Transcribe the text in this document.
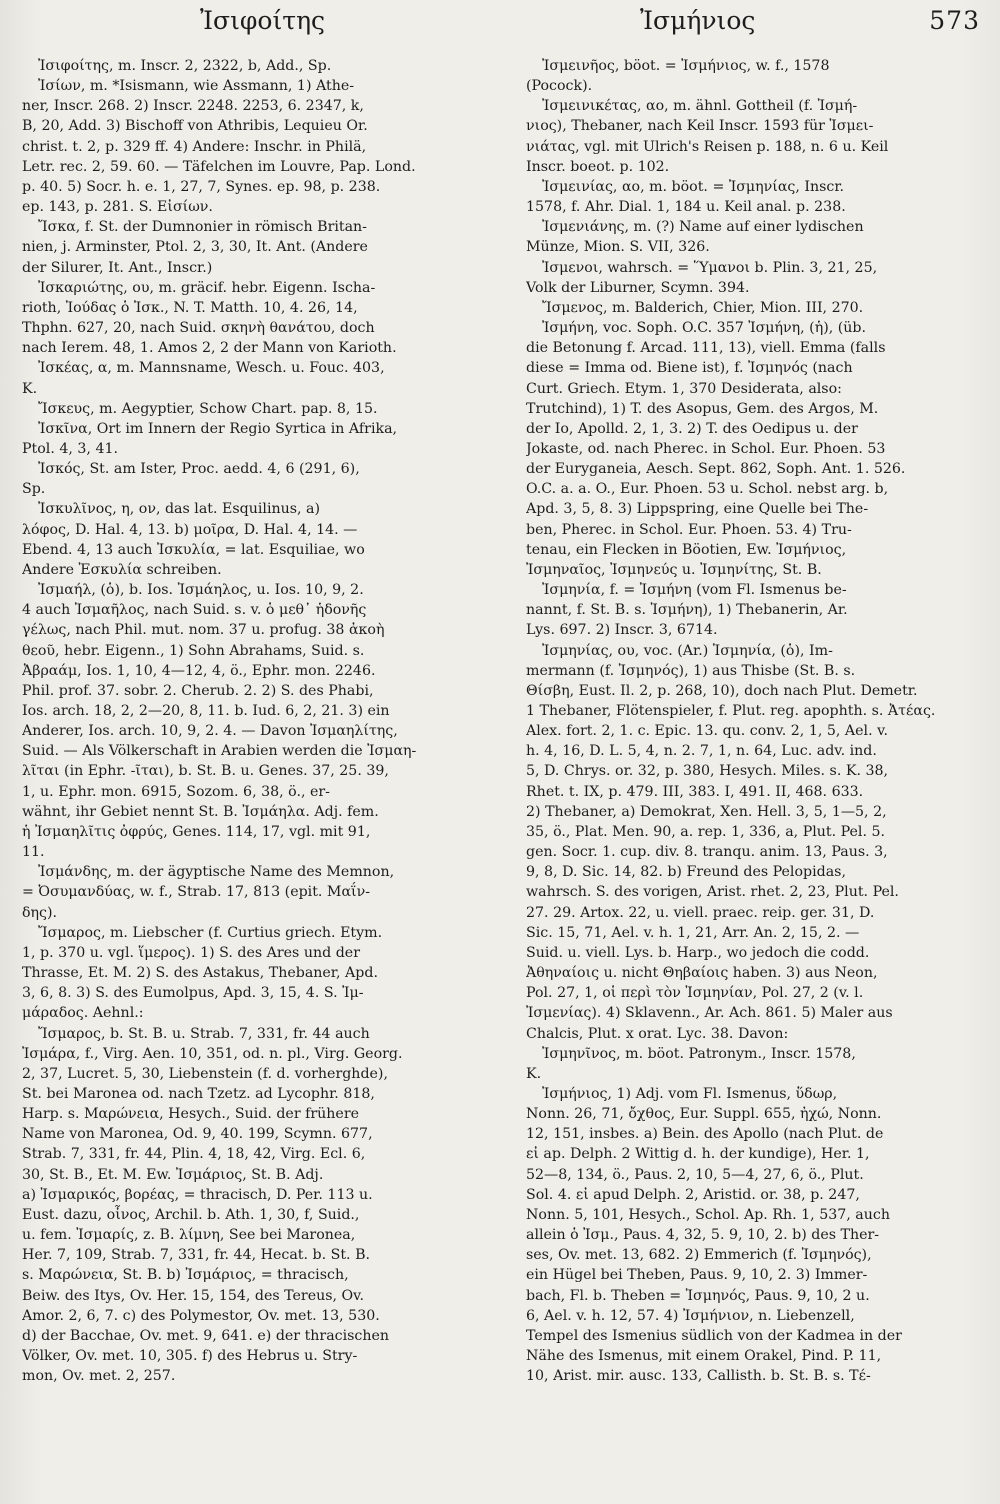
Ἰσιφοίτης	Ἰσμήνιος	573
Ἰσιφοίτης, m. Inscr. 2, 2322, b, Add., Sp.
Ἰσίων, m. *Isismann, wie Assmann, 1) Athe-
ner, Inscr. 268. 2) Inscr. 2248. 2253, 6. 2347, k,
B, 20, Add. 3) Bischoff von Athribis, Lequieu Or.
christ. t. 2, p. 329 ff. 4) Andere: Inschr. in Philä,
Letr. rec. 2, 59. 60. — Täfelchen im Louvre, Pap. Lond.
p. 40. 5) Socr. h. e. 1, 27, 7, Synes. ep. 98, p. 238.
ep. 143, p. 281. S. Εἰσίων.
Ἴσκα, f. St. der Dumnonier in römisch Britan-
nien, j. Arminster, Ptol. 2, 3, 30, It. Ant. (Andere
der Silurer, It. Ant., Inscr.)
Ἰσκαριώτης, ου, m. gräcif. hebr. Eigenn. Ischa-
rioth, Ἰούδας ὁ Ἰσκ., N. T. Matth. 10, 4. 26, 14,
Thphn. 627, 20, nach Suid. σκηνὴ θανάτου, doch
nach Ierem. 48, 1. Amos 2, 2 der Mann von Karioth.
Ἰσκέας, α, m. Mannsname, Wesch. u. Fouc. 403,
K.
Ἴσκευς, m. Aegyptier, Schow Chart. pap. 8, 15.
Ἰσκῖνα, Ort im Innern der Regio Syrtica in Afrika,
Ptol. 4, 3, 41.
Ἰσκός, St. am Ister, Proc. aedd. 4, 6 (291, 6),
Sp.
Ἰσκυλῖνος, η, ον, das lat. Esquilinus, a)
λόφος, D. Hal. 4, 13. b) μοῖρα, D. Hal. 4, 14. —
Ebend. 4, 13 auch Ἰσκυλία, = lat. Esquiliae, wo
Andere Ἐσκυλία schreiben.
Ἰσμαήλ, (ὁ), b. Ios. Ἰσμάηλος, u. Ios. 10, 9, 2.
4 auch Ἰσμαῆλος, nach Suid. s. v. ὁ μεθ᾽ ἡδονῆς
γέλως, nach Phil. mut. nom. 37 u. profug. 38 ἀκοὴ
θεοῦ, hebr. Eigenn., 1) Sohn Abrahams, Suid. s.
Ἀβραάμ, Ios. 1, 10, 4—12, 4, ö., Ephr. mon. 2246.
Phil. prof. 37. sobr. 2. Cherub. 2. 2) S. des Phabi,
Ios. arch. 18, 2, 2—20, 8, 11. b. Iud. 6, 2, 21. 3) ein
Anderer, Ios. arch. 10, 9, 2. 4. — Davon Ἰσμαηλίτης,
Suid. — Als Völkerschaft in Arabien werden die Ἰσμαη-
λῖται (in Ephr. -ῖται), b. St. B. u. Genes. 37, 25. 39,
1, u. Ephr. mon. 6915, Sozom. 6, 38, ö., er-
wähnt, ihr Gebiet nennt St. B. Ἰσμάηλα. Adj. fem.
ἡ Ἰσμαηλῖτις ὀφρύς, Genes. 114, 17, vgl. mit 91,
11.
Ἰσμάνδης, m. der ägyptische Name des Memnon,
= Ὀσυμανδύας, w. f., Strab. 17, 813 (epit. Μαΐν-
δης).
Ἴσμαρος, m. Liebscher (f. Curtius griech. Etym.
1, p. 370 u. vgl. ἵμερος). 1) S. des Ares und der
Thrasse, Et. M. 2) S. des Astakus, Thebaner, Apd.
3, 6, 8. 3) S. des Eumolpus, Apd. 3, 15, 4. S. Ἰμ-
μάραδος. Aehnl.:
Ἴσμαρος, b. St. B. u. Strab. 7, 331, fr. 44 auch
Ἰσμάρα, f., Virg. Aen. 10, 351, od. n. pl., Virg. Georg.
2, 37, Lucret. 5, 30, Liebenstein (f. d. vorherghde),
St. bei Maronea od. nach Tzetz. ad Lycophr. 818,
Harp. s. Μαρώνεια, Hesych., Suid. der frühere
Name von Maronea, Od. 9, 40. 199, Scymn. 677,
Strab. 7, 331, fr. 44, Plin. 4, 18, 42, Virg. Ecl. 6,
30, St. B., Et. M. Ew. Ἰσμάριος, St. B. Adj.
a) Ἰσμαρικός, βορέας, = thracisch, D. Per. 113 u.
Eust. dazu, οἶνος, Archil. b. Ath. 1, 30, f, Suid.,
u. fem. Ἰσμαρίς, z. B. λίμνη, See bei Maronea,
Her. 7, 109, Strab. 7, 331, fr. 44, Hecat. b. St. B.
s. Μαρώνεια, St. B. b) Ἰσμάριος, = thracisch,
Beiw. des Itys, Ov. Her. 15, 154, des Tereus, Ov.
Amor. 2, 6, 7. c) des Polymestor, Ov. met. 13, 530.
d) der Bacchae, Ov. met. 9, 641. e) der thracischen
Völker, Ov. met. 10, 305. f) des Hebrus u. Stry-
mon, Ov. met. 2, 257.
Ἰσμεινῆος, böot. = Ἰσμήνιος, w. f., 1578
(Pocock).
Ἰσμεινικέτας, αο, m. ähnl. Gottheil (f. Ἰσμή-
νιος), Thebaner, nach Keil Inscr. 1593 für Ἰσμει-
νιάτας, vgl. mit Ulrich's Reisen p. 188, n. 6 u. Keil
Inscr. boeot. p. 102.
Ἰσμεινίας, αο, m. böot. = Ἰσμηνίας, Inscr.
1578, f. Ahr. Dial. 1, 184 u. Keil anal. p. 238.
Ἰσμενιάνης, m. (?) Name auf einer lydischen
Münze, Mion. S. VII, 326.
Ἰσμενοι, wahrsch. = Ὕμανοι b. Plin. 3, 21, 25,
Volk der Liburner, Scymn. 394.
Ἴσμενος, m. Balderich, Chier, Mion. III, 270.
Ἰσμήνη, voc. Soph. O.C. 357 Ἰσμήνη, (ἡ), (üb.
die Betonung f. Arcad. 111, 13), viell. Emma (falls
diese = Imma od. Biene ist), f. Ἰσμηνός (nach
Curt. Griech. Etym. 1, 370 Desiderata, also:
Trutchind), 1) T. des Asopus, Gem. des Argos, M.
der Io, Apolld. 2, 1, 3. 2) T. des Oedipus u. der
Jokaste, od. nach Pherec. in Schol. Eur. Phoen. 53
der Euryganeia, Aesch. Sept. 862, Soph. Ant. 1. 526.
O.C. a. a. O., Eur. Phoen. 53 u. Schol. nebst arg. b,
Apd. 3, 5, 8. 3) Lippspring, eine Quelle bei The-
ben, Pherec. in Schol. Eur. Phoen. 53. 4) Tru-
tenau, ein Flecken in Böotien, Ew. Ἰσμήνιος,
Ἰσμηναῖος, Ἰσμηνεύς u. Ἰσμηνίτης, St. B.
Ἰσμηνία, f. = Ἰσμήνη (vom Fl. Ismenus be-
nannt, f. St. B. s. Ἰσμήνη), 1) Thebanerin, Ar.
Lys. 697. 2) Inscr. 3, 6714.
Ἰσμηνίας, ου, voc. (Ar.) Ἰσμηνία, (ὁ), Im-
mermann (f. Ἰσμηνός), 1) aus Thisbe (St. B. s.
Θίσβη, Eust. Il. 2, p. 268, 10), doch nach Plut. Demetr.
1 Thebaner, Flötenspieler, f. Plut. reg. apophth. s. Ἀτέας.
Alex. fort. 2, 1. c. Epic. 13. qu. conv. 2, 1, 5, Ael. v.
h. 4, 16, D. L. 5, 4, n. 2. 7, 1, n. 64, Luc. adv. ind.
5, D. Chrys. or. 32, p. 380, Hesych. Miles. s. K. 38,
Rhet. t. IX, p. 479. III, 383. I, 491. II, 468. 633.
2) Thebaner, a) Demokrat, Xen. Hell. 3, 5, 1—5, 2,
35, ö., Plat. Men. 90, a. rep. 1, 336, a, Plut. Pel. 5.
gen. Socr. 1. cup. div. 8. tranqu. anim. 13, Paus. 3,
9, 8, D. Sic. 14, 82. b) Freund des Pelopidas,
wahrsch. S. des vorigen, Arist. rhet. 2, 23, Plut. Pel.
27. 29. Artox. 22, u. viell. praec. reip. ger. 31, D.
Sic. 15, 71, Ael. v. h. 1, 21, Arr. An. 2, 15, 2. —
Suid. u. viell. Lys. b. Harp., wo jedoch die codd.
Ἀθηναίοις u. nicht Θηβαίοις haben. 3) aus Neon,
Pol. 27, 1, οἱ περὶ τὸν Ἰσμηνίαν, Pol. 27, 2 (v. l.
Ἰσμενίας). 4) Sklavenn., Ar. Ach. 861. 5) Maler aus
Chalcis, Plut. x orat. Lyc. 38. Davon:
Ἰσμηνῖνος, m. böot. Patronym., Inscr. 1578,
K.
Ἰσμήνιος, 1) Adj. vom Fl. Ismenus, ὕδωρ,
Nonn. 26, 71, ὄχθος, Eur. Suppl. 655, ἠχώ, Nonn.
12, 151, insbes. a) Bein. des Apollo (nach Plut. de
εἰ ap. Delph. 2 Wittig d. h. der kundige), Her. 1,
52—8, 134, ö., Paus. 2, 10, 5—4, 27, 6, ö., Plut.
Sol. 4. εἰ apud Delph. 2, Aristid. or. 38, p. 247,
Nonn. 5, 101, Hesych., Schol. Ap. Rh. 1, 537, auch
allein ὁ Ἰσμ., Paus. 4, 32, 5. 9, 10, 2. b) des Ther-
ses, Ov. met. 13, 682. 2) Emmerich (f. Ἰσμηνός),
ein Hügel bei Theben, Paus. 9, 10, 2. 3) Immer-
bach, Fl. b. Theben = Ἰσμηνός, Paus. 9, 10, 2 u.
6, Ael. v. h. 12, 57. 4) Ἰσμήνιον, n. Liebenzell,
Tempel des Ismenius südlich von der Kadmea in der
Nähe des Ismenus, mit einem Orakel, Pind. P. 11,
10, Arist. mir. ausc. 133, Callisth. b. St. B. s. Τέ-
